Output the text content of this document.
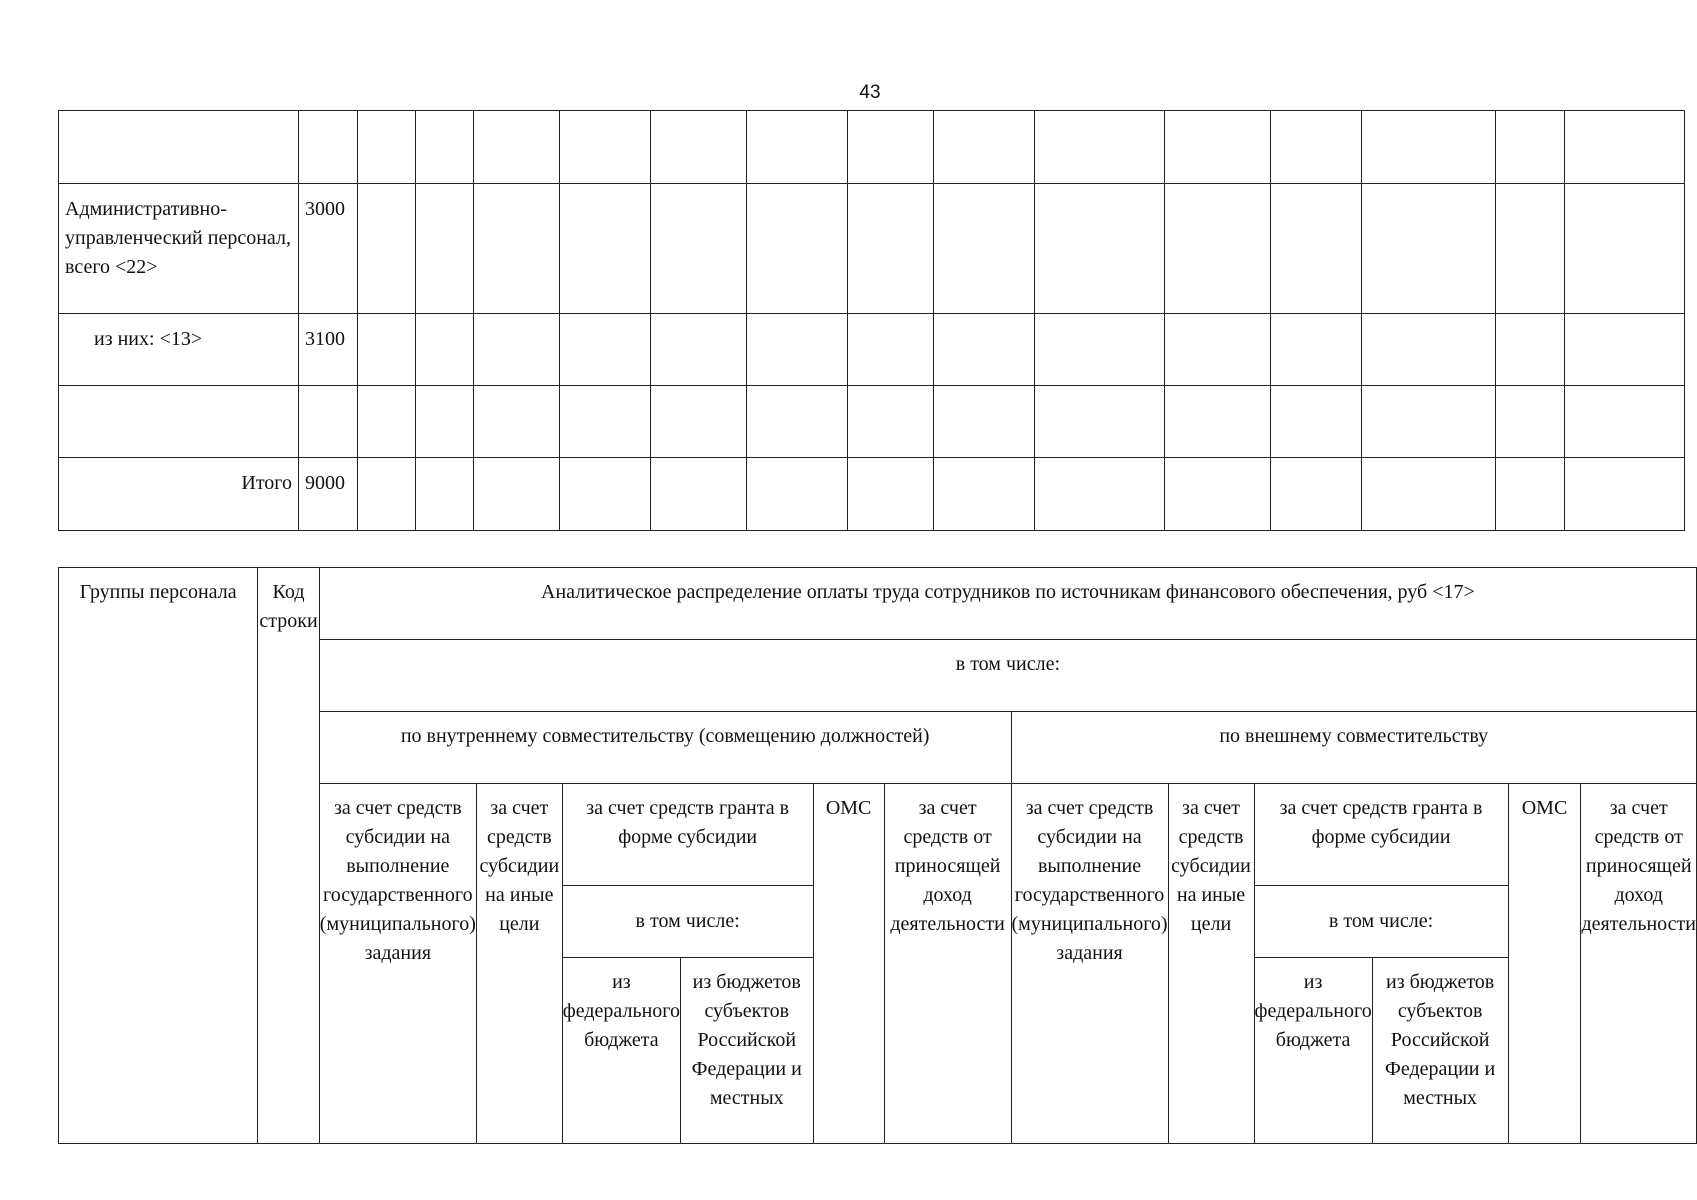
43

Административно-управленческий персонал, всего <22>	3000														
из них: <13>	3100														

Итого	9000														
Группы персонала	Код строки	Аналитическое распределение оплаты труда сотрудников по источникам финансового обеспечения, руб <17>											
		в том числе:											
		по внутреннему совместительству (совмещению должностей)						по внешнему совместительству					
		за счет средств субсидии на выполнение государственного (муниципального) задания	за счет средств субсидии на иные цели	за счет средств гранта в форме субсидии		ОМС	за счет средств от приносящей доход деятельности	за счет средств субсидии на выполнение государственного (муниципального) задания	за счет средств субсидии на иные цели	за счет средств гранта в форме субсидии		ОМС	за счет средств от приносящей доход деятельности
				в том числе:						в том числе:			
				из федерального бюджета	из бюджетов субъектов Российской Федерации и местных					из федерального бюджета	из бюджетов субъектов Российской Федерации и местных		
